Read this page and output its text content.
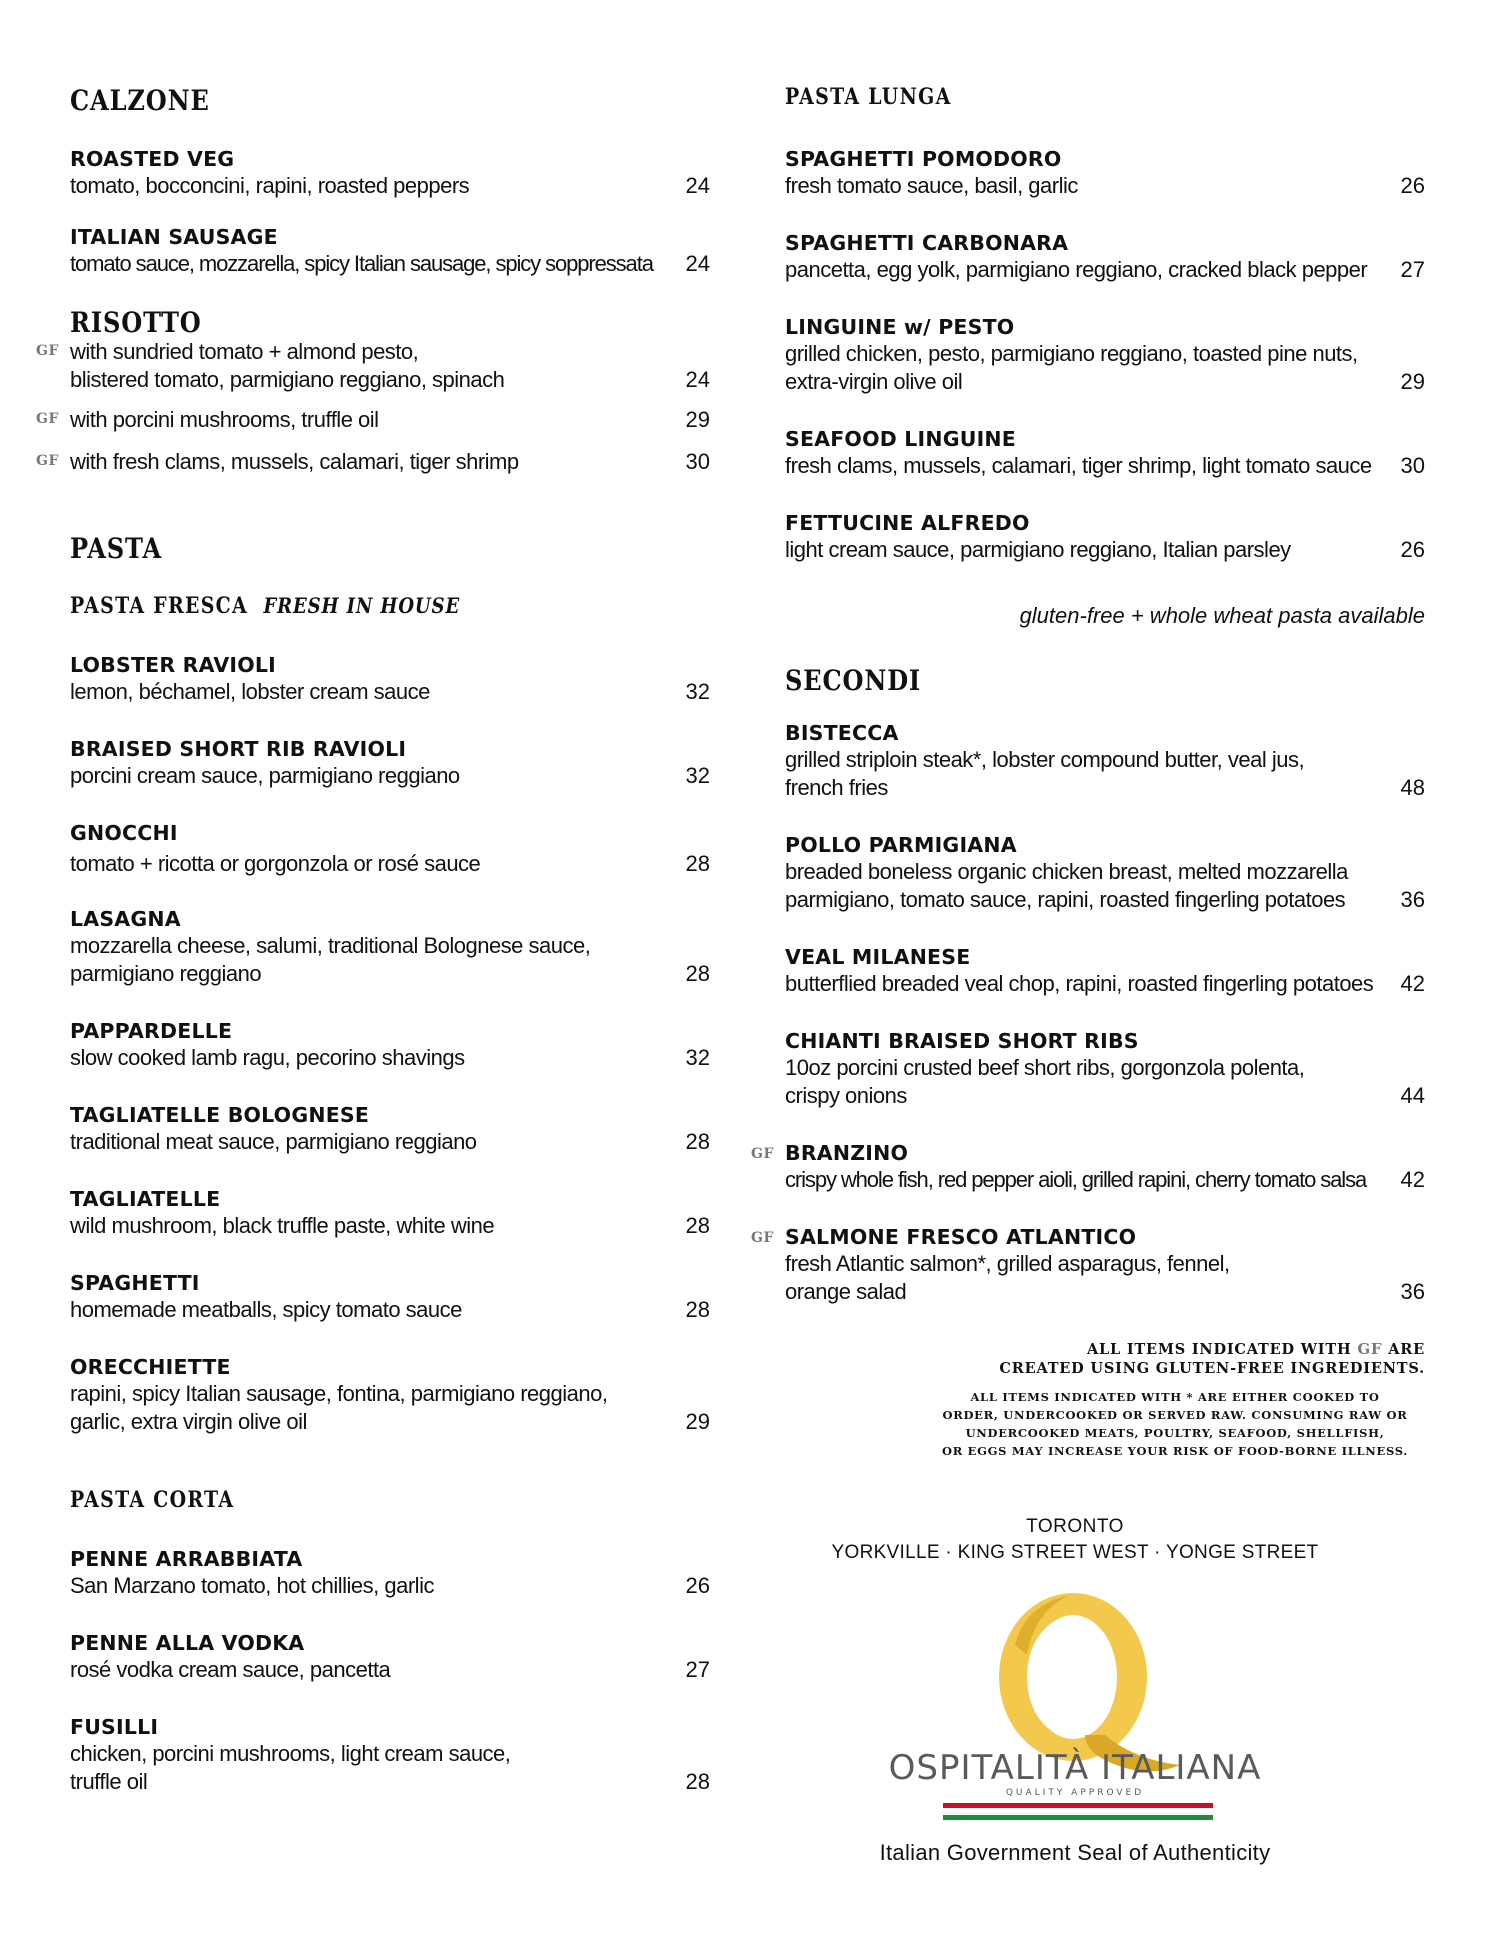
CALZONE
ROASTED VEG
tomato, bocconcini, rapini, roasted peppers	24
ITALIAN SAUSAGE
tomato sauce, mozzarella, spicy Italian sausage, spicy soppressata	24
RISOTTO
GF with sundried tomato + almond pesto,
blistered tomato, parmigiano reggiano, spinach	24
GF with porcini mushrooms, truffle oil	29
GF with fresh clams, mussels, calamari, tiger shrimp	30
PASTA
PASTA FRESCA FRESH IN HOUSE
LOBSTER RAVIOLI
lemon, béchamel, lobster cream sauce	32
BRAISED SHORT RIB RAVIOLI
porcini cream sauce, parmigiano reggiano	32
GNOCCHI
tomato + ricotta or gorgonzola or rosé sauce	28
LASAGNA
mozzarella cheese, salumi, traditional Bolognese sauce,
parmigiano reggiano	28
PAPPARDELLE
slow cooked lamb ragu, pecorino shavings	32
TAGLIATELLE BOLOGNESE
traditional meat sauce, parmigiano reggiano	28
TAGLIATELLE
wild mushroom, black truffle paste, white wine	28
SPAGHETTI
homemade meatballs, spicy tomato sauce	28
ORECCHIETTE
rapini, spicy Italian sausage, fontina, parmigiano reggiano,
garlic, extra virgin olive oil	29
PASTA CORTA
PENNE ARRABBIATA
San Marzano tomato, hot chillies, garlic	26
PENNE ALLA VODKA
rosé vodka cream sauce, pancetta	27
FUSILLI
chicken, porcini mushrooms, light cream sauce,
truffle oil	28
PASTA LUNGA
SPAGHETTI POMODORO
fresh tomato sauce, basil, garlic	26
SPAGHETTI CARBONARA
pancetta, egg yolk, parmigiano reggiano, cracked black pepper	27
LINGUINE w/ PESTO
grilled chicken, pesto, parmigiano reggiano, toasted pine nuts,
extra-virgin olive oil	29
SEAFOOD LINGUINE
fresh clams, mussels, calamari, tiger shrimp, light tomato sauce	30
FETTUCINE ALFREDO
light cream sauce, parmigiano reggiano, Italian parsley	26
gluten-free + whole wheat pasta available
SECONDI
BISTECCA
grilled striploin steak*, lobster compound butter, veal jus,
french fries	48
POLLO PARMIGIANA
breaded boneless organic chicken breast, melted mozzarella
parmigiano, tomato sauce, rapini, roasted fingerling potatoes	36
VEAL MILANESE
butterflied breaded veal chop, rapini, roasted fingerling potatoes	42
CHIANTI BRAISED SHORT RIBS
10oz porcini crusted beef short ribs, gorgonzola polenta,
crispy onions	44
GF BRANZINO
crispy whole fish, red pepper aioli, grilled rapini, cherry tomato salsa	42
GF SALMONE FRESCO ATLANTICO
fresh Atlantic salmon*, grilled asparagus, fennel,
orange salad	36
ALL ITEMS INDICATED WITH GF ARE
CREATED USING GLUTEN-FREE INGREDIENTS.
ALL ITEMS INDICATED WITH * ARE EITHER COOKED TO
ORDER, UNDERCOOKED OR SERVED RAW. CONSUMING RAW OR
UNDERCOOKED MEATS, POULTRY, SEAFOOD, SHELLFISH,
OR EGGS MAY INCREASE YOUR RISK OF FOOD-BORNE ILLNESS.
TORONTO
YORKVILLE · KING STREET WEST · YONGE STREET
OSPITALITÀ ITALIANA
QUALITY APPROVED
Italian Government Seal of Authenticity
